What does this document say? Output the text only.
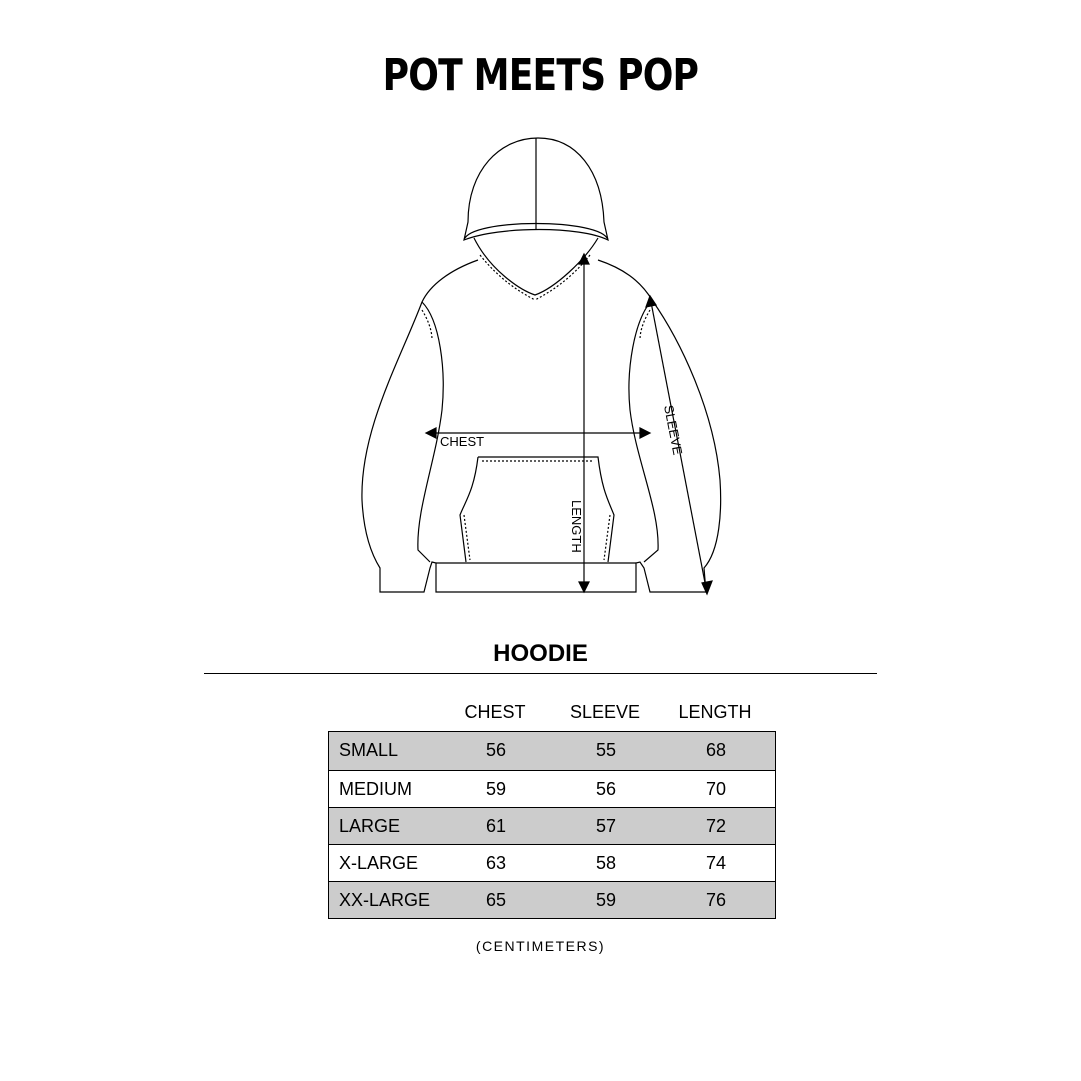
POT MEETS POP
CHEST
LENGTH
SLEEVE
HOODIE
CHEST	SLEEVE	LENGTH
SMALL	56	55	68
MEDIUM	59	56	70
LARGE	61	57	72
X-LARGE	63	58	74
XX-LARGE	65	59	76
(CENTIMETERS)
